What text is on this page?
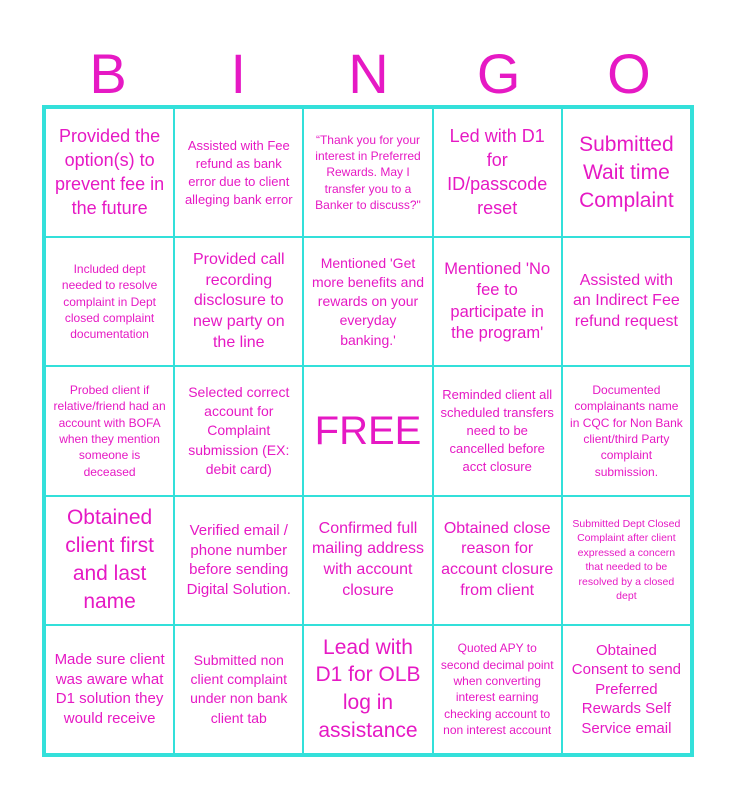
B	I	N	G	O
Provided the option(s) to prevent fee in the future
Assisted with Fee refund as bank error due to client alleging bank error
“Thank you for your interest in Preferred Rewards. May I transfer you to a Banker to discuss?"
Led with D1 for ID/passcode reset
Submitted Wait time Complaint
Included dept needed to resolve complaint in Dept closed complaint documentation
Provided call recording disclosure to new party on the line
Mentioned 'Get more benefits and rewards on your everyday banking.'
Mentioned 'No fee to participate in the program'
Assisted with an Indirect Fee refund request
Probed client if relative/friend had an account with BOFA when they mention someone is deceased
Selected correct account for Complaint submission (EX: debit card)
FREE
Reminded client all scheduled transfers need to be cancelled before acct closure
Documented complainants name in CQC for Non Bank client/third Party complaint submission.
Obtained client first and last name
Verified email / phone number before sending Digital Solution.
Confirmed full mailing address with account closure
Obtained close reason for account closure from client
Submitted Dept Closed Complaint after client expressed a concern that needed to be resolved by a closed dept
Made sure client was aware what D1 solution they would receive
Submitted non client complaint under non bank client tab
Lead with D1 for OLB log in assistance
Quoted APY to second decimal point when converting interest earning checking account to non interest account
Obtained Consent to send Preferred Rewards Self Service email
